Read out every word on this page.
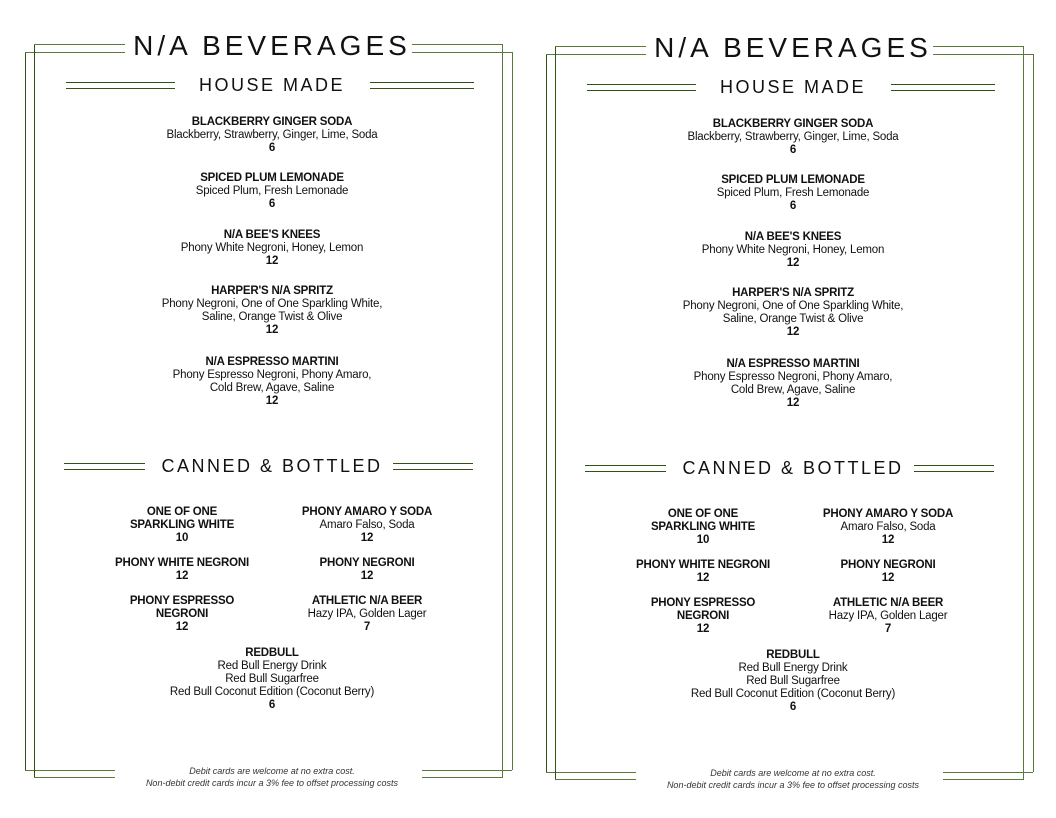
N/A BEVERAGES
HOUSE MADE
BLACKBERRY GINGER SODA
Blackberry, Strawberry, Ginger, Lime, Soda
6
SPICED PLUM LEMONADE
Spiced Plum, Fresh Lemonade
6
N/A BEE'S KNEES
Phony White Negroni, Honey, Lemon
12
HARPER'S N/A SPRITZ
Phony Negroni, One of One Sparkling White,
Saline, Orange Twist & Olive
12
N/A ESPRESSO MARTINI
Phony Espresso Negroni, Phony Amaro,
Cold Brew, Agave, Saline
12
CANNED & BOTTLED
ONE OF ONE
SPARKLING WHITE
10
PHONY AMARO Y SODA
Amaro Falso, Soda
12
PHONY WHITE NEGRONI
12
PHONY NEGRONI
12
PHONY ESPRESSO
NEGRONI
12
ATHLETIC N/A BEER
Hazy IPA, Golden Lager
7
REDBULL
Red Bull Energy Drink
Red Bull Sugarfree
Red Bull Coconut Edition (Coconut Berry)
6
Debit cards are welcome at no extra cost.
Non-debit credit cards incur a 3% fee to offset processing costs
N/A BEVERAGES
HOUSE MADE
BLACKBERRY GINGER SODA
Blackberry, Strawberry, Ginger, Lime, Soda
6
SPICED PLUM LEMONADE
Spiced Plum, Fresh Lemonade
6
N/A BEE'S KNEES
Phony White Negroni, Honey, Lemon
12
HARPER'S N/A SPRITZ
Phony Negroni, One of One Sparkling White,
Saline, Orange Twist & Olive
12
N/A ESPRESSO MARTINI
Phony Espresso Negroni, Phony Amaro,
Cold Brew, Agave, Saline
12
CANNED & BOTTLED
ONE OF ONE
SPARKLING WHITE
10
PHONY AMARO Y SODA
Amaro Falso, Soda
12
PHONY WHITE NEGRONI
12
PHONY NEGRONI
12
PHONY ESPRESSO
NEGRONI
12
ATHLETIC N/A BEER
Hazy IPA, Golden Lager
7
REDBULL
Red Bull Energy Drink
Red Bull Sugarfree
Red Bull Coconut Edition (Coconut Berry)
6
Debit cards are welcome at no extra cost.
Non-debit credit cards incur a 3% fee to offset processing costs
